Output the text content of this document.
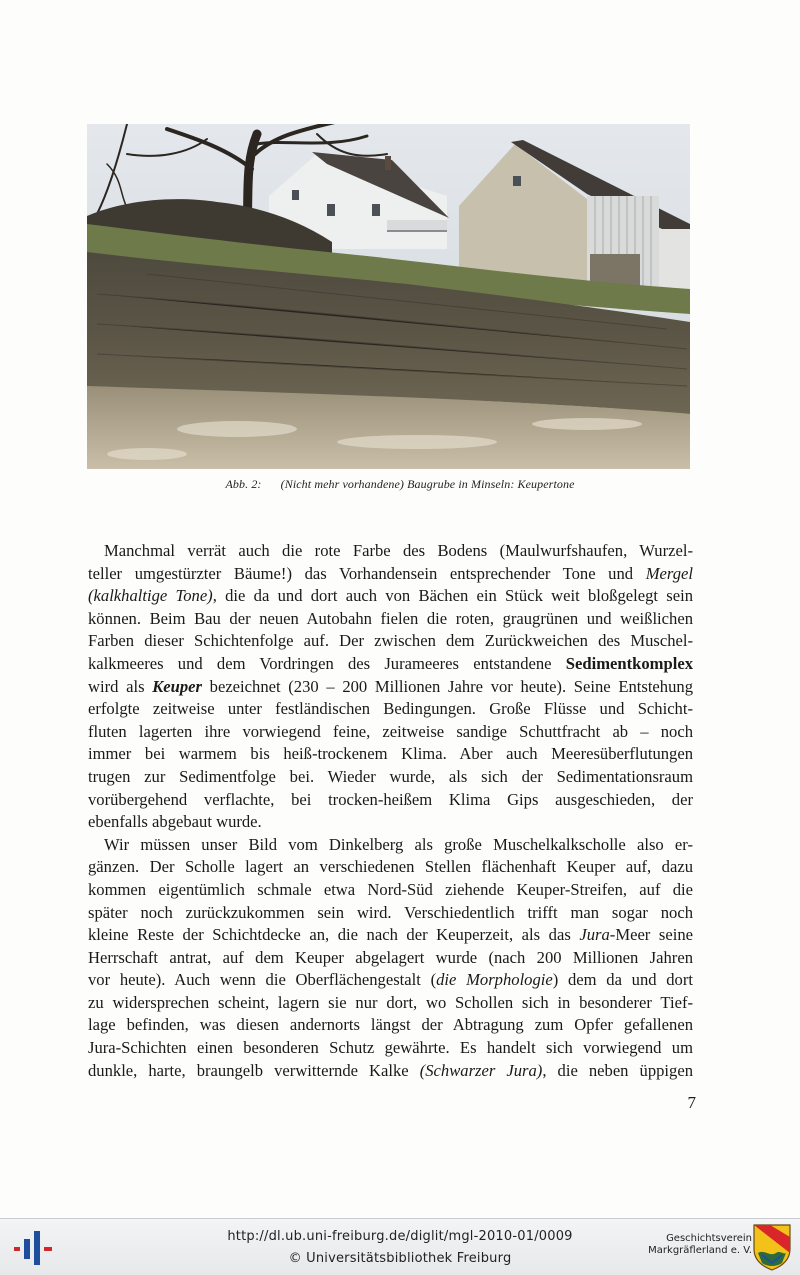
Abb. 2: (Nicht mehr vorhandene) Baugrube in Minseln: Keupertone
Manchmal verrät auch die rote Farbe des Bodens (Maulwurfshaufen, Wurzel-
teller umgestürzter Bäume!) das Vorhandensein entsprechender Tone und Mergel
(kalkhaltige Tone), die da und dort auch von Bächen ein Stück weit bloßgelegt sein
können. Beim Bau der neuen Autobahn fielen die roten, graugrünen und weißlichen
Farben dieser Schichtenfolge auf. Der zwischen dem Zurückweichen des Muschel-
kalkmeeres und dem Vordringen des Jurameeres entstandene Sedimentkomplex
wird als Keuper bezeichnet (230 – 200 Millionen Jahre vor heute). Seine Entstehung
erfolgte zeitweise unter festländischen Bedingungen. Große Flüsse und Schicht-
fluten lagerten ihre vorwiegend feine, zeitweise sandige Schuttfracht ab – noch
immer bei warmem bis heiß-trockenem Klima. Aber auch Meeresüberflutungen
trugen zur Sedimentfolge bei. Wieder wurde, als sich der Sedimentationsraum
vorübergehend verflachte, bei trocken-heißem Klima Gips ausgeschieden, der
ebenfalls abgebaut wurde.
Wir müssen unser Bild vom Dinkelberg als große Muschelkalkscholle also er-
gänzen. Der Scholle lagert an verschiedenen Stellen flächenhaft Keuper auf, dazu
kommen eigentümlich schmale etwa Nord-Süd ziehende Keuper-Streifen, auf die
später noch zurückzukommen sein wird. Verschiedentlich trifft man sogar noch
kleine Reste der Schichtdecke an, die nach der Keuperzeit, als das Jura-Meer seine
Herrschaft antrat, auf dem Keuper abgelagert wurde (nach 200 Millionen Jahren
vor heute). Auch wenn die Oberflächengestalt (die Morphologie) dem da und dort
zu widersprechen scheint, lagern sie nur dort, wo Schollen sich in besonderer Tief-
lage befinden, was diesen andernorts längst der Abtragung zum Opfer gefallenen
Jura-Schichten einen besonderen Schutz gewährte. Es handelt sich vorwiegend um
dunkle, harte, braungelb verwitternde Kalke (Schwarzer Jura), die neben üppigen
7
http://dl.ub.uni-freiburg.de/diglit/mgl-2010-01/0009
© Universitätsbibliothek Freiburg
Geschichtsverein
Markgräflerland e. V.
